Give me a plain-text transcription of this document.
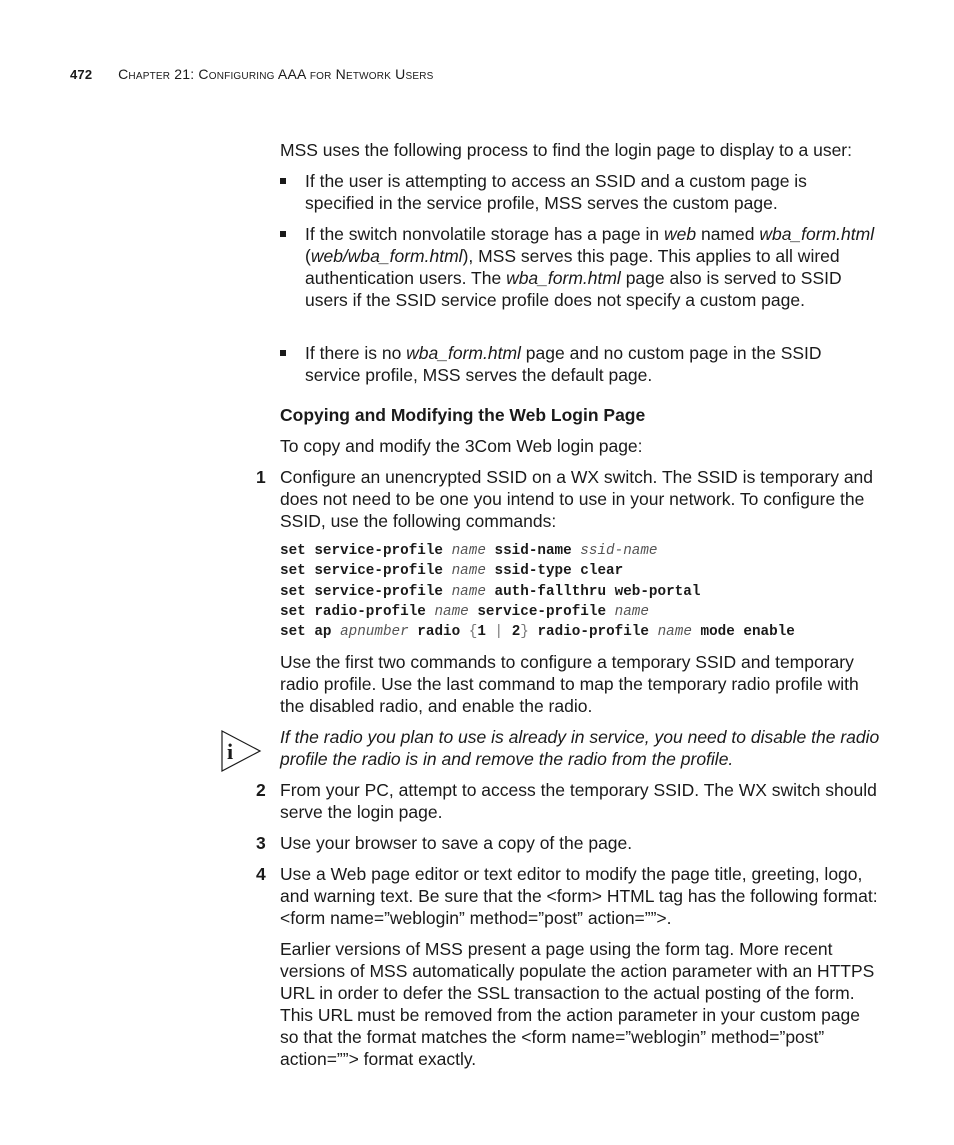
472 Chapter 21: Configuring AAA for Network Users
MSS uses the following process to find the login page to display to a user:
If the user is attempting to access an SSID and a custom page is specified in the service profile, MSS serves the custom page.
If the switch nonvolatile storage has a page in web named wba_form.html (web/wba_form.html), MSS serves this page. This applies to all wired authentication users. The wba_form.html page also is served to SSID users if the SSID service profile does not specify a custom page.
If there is no wba_form.html page and no custom page in the SSID service profile, MSS serves the default page.
Copying and Modifying the Web Login Page
To copy and modify the 3Com Web login page:
1 Configure an unencrypted SSID on a WX switch. The SSID is temporary and does not need to be one you intend to use in your network. To configure the SSID, use the following commands:
set service-profile name ssid-name ssid-name
set service-profile name ssid-type clear
set service-profile name auth-fallthru web-portal
set radio-profile name service-profile name
set ap apnumber radio {1 | 2} radio-profile name mode enable
Use the first two commands to configure a temporary SSID and temporary radio profile. Use the last command to map the temporary radio profile with the disabled radio, and enable the radio.
i
If the radio you plan to use is already in service, you need to disable the radio profile the radio is in and remove the radio from the profile.
2 From your PC, attempt to access the temporary SSID. The WX switch should serve the login page.
3 Use your browser to save a copy of the page.
4 Use a Web page editor or text editor to modify the page title, greeting, logo, and warning text. Be sure that the <form> HTML tag has the following format: <form name=”weblogin” method=”post” action=””>.
Earlier versions of MSS present a page using the form tag. More recent versions of MSS automatically populate the action parameter with an HTTPS URL in order to defer the SSL transaction to the actual posting of the form. This URL must be removed from the action parameter in your custom page so that the format matches the <form name=”weblogin” method=”post” action=””> format exactly.
